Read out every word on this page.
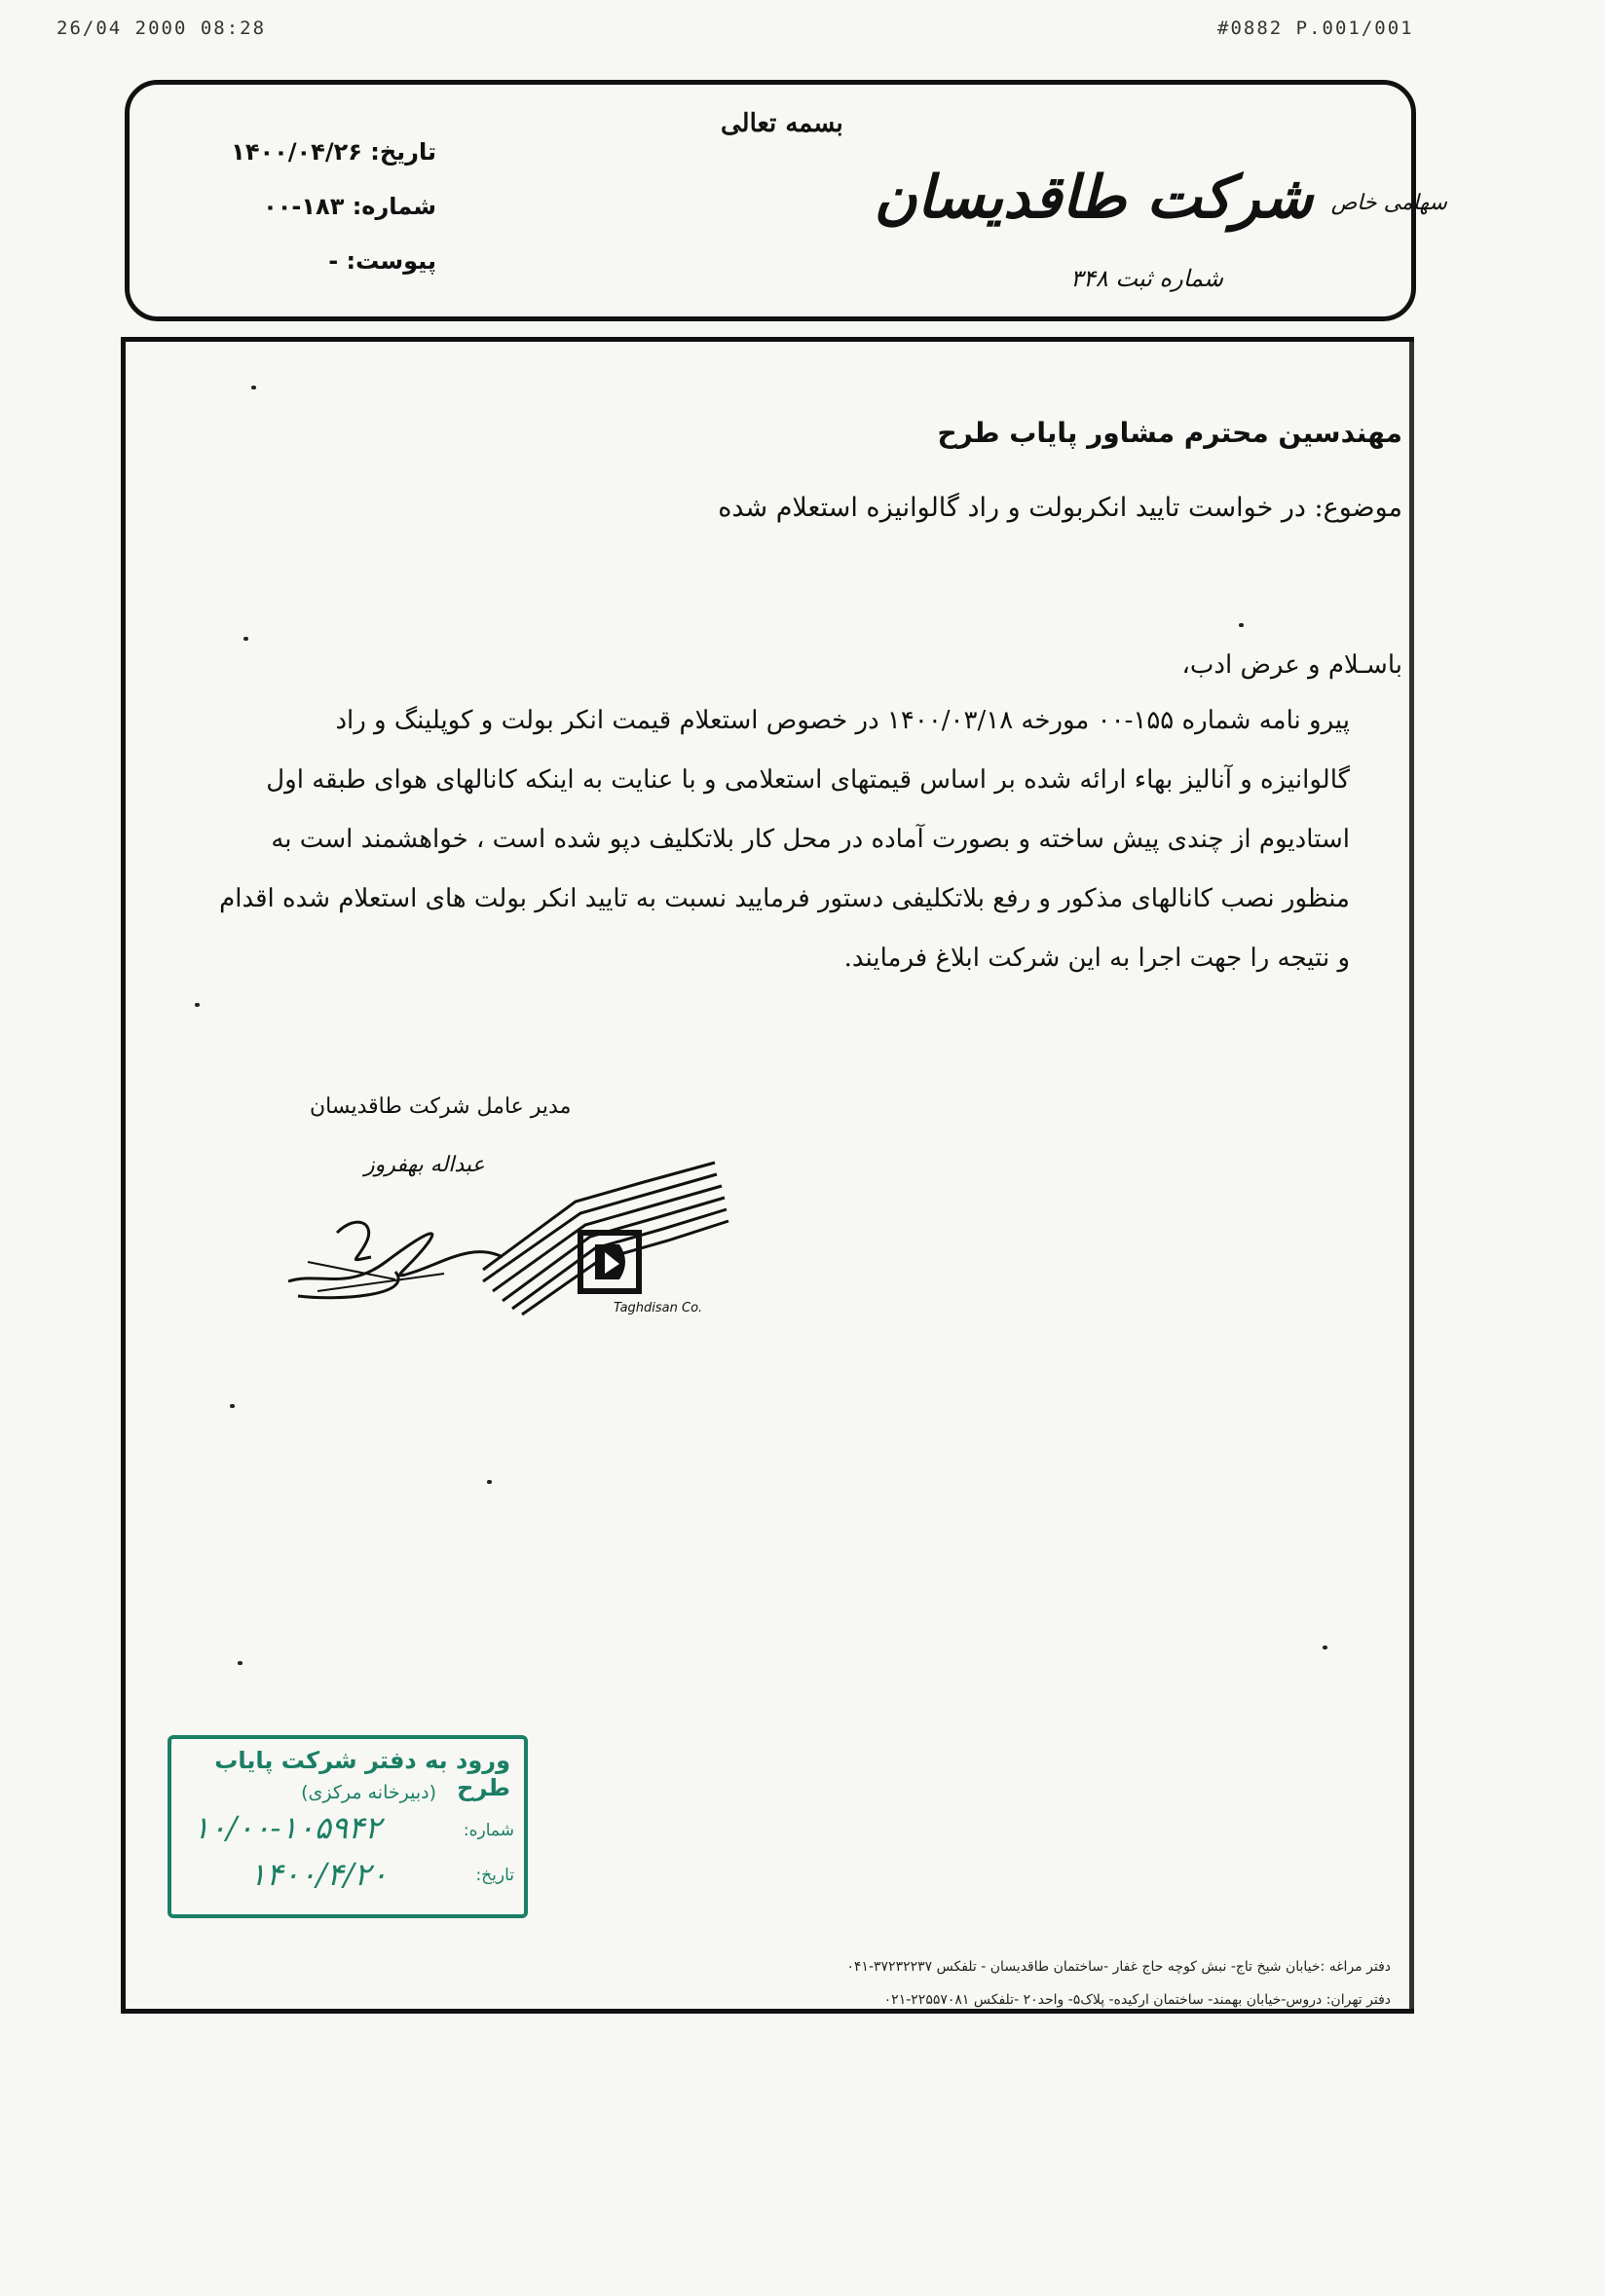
26/04 2000 08:28	#0882 P.001/001
بسمه تعالی
شرکت طاقدیسان سهامی خاص
شماره ثبت ۳۴۸
تاریخ: ۱۴۰۰/۰۴/۲۶
شماره: ۱۸۳-۰۰
پیوست: -
مهندسین محترم مشاور پایاب طرح
موضوع: در خواست تایید انکربولت و راد گالوانیزه استعلام شده
باسـلام و عرض ادب،
پیرو نامه شماره ۱۵۵-۰۰ مورخه ۱۴۰۰/۰۳/۱۸ در خصوص استعلام قیمت انکر بولت و کوپلینگ و راد
گالوانیزه و آنالیز بهاء ارائه شده بر اساس قیمتهای استعلامی و با عنایت به اینکه کانالهای هوای طبقه اول
استادیوم از چندی پیش ساخته و بصورت آماده در محل کار بلاتکلیف دپو شده است ، خواهشمند است به
منظور نصب کانالهای مذکور و رفع بلاتکلیفی دستور فرمایید نسبت به تایید انکر بولت های استعلام شده اقدام
و نتیجه را جهت اجرا به این شرکت ابلاغ فرمایند.
مدیر عامل شرکت طاقدیسان
عبداله بهفروز
Taghdisan Co.
ورود به دفتر شرکت پایاب طرح
(دبیرخانه مرکزی)
شماره:
۱۰/۰۰-۱۰۵۹۴۲
تاریخ:
۱۴۰۰/۴/۲۰
دفتر مراغه :خیابان شیخ تاج- نبش کوچه حاج غفار -ساختمان طاقدیسان - تلفکس ۳۷۲۳۲۲۳۷-۰۴۱
دفتر تهران: دروس-خیابان بهمند- ساختمان ارکیده- پلاک۵- واحد۲۰ -تلفکس ۲۲۵۵۷۰۸۱-۰۲۱
